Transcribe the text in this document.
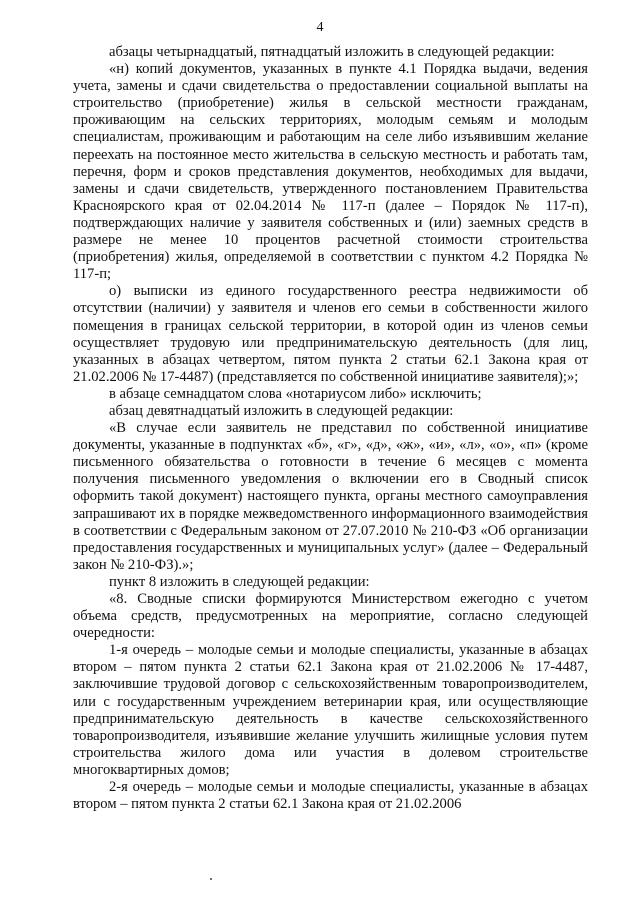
4

абзацы четырнадцатый, пятнадцатый изложить в следующей редакции:

«н) копий документов, указанных в пункте 4.1 Порядка выдачи, ведения учета, замены и сдачи свидетельства о предоставлении социальной выплаты на строительство (приобретение) жилья в сельской местности гражданам, проживающим на сельских территориях, молодым семьям и молодым специалистам, проживающим и работающим на селе либо изъявившим желание переехать на постоянное место жительства в сельскую местность и работать там, перечня, форм и сроков представления документов, необходимых для выдачи, замены и сдачи свидетельств, утвержденного постановлением Правительства Красноярского края от 02.04.2014 № 117-п (далее – Порядок № 117-п), подтверждающих наличие у заявителя собственных и (или) заемных средств в размере не менее 10 процентов расчетной стоимости строительства (приобретения) жилья, определяемой в соответствии с пунктом 4.2 Порядка № 117-п;

о) выписки из единого государственного реестра недвижимости об отсутствии (наличии) у заявителя и членов его семьи в собственности жилого помещения в границах сельской территории, в которой один из членов семьи осуществляет трудовую или предпринимательскую деятельность (для лиц, указанных в абзацах четвертом, пятом пункта 2 статьи 62.1 Закона края от 21.02.2006 № 17-4487) (представляется по собственной инициативе заявителя);»;

в абзаце семнадцатом слова «нотариусом либо» исключить;

абзац девятнадцатый изложить в следующей редакции:

«В случае если заявитель не представил по собственной инициативе документы, указанные в подпунктах «б», «г», «д», «ж», «и», «л», «о», «п» (кроме письменного обязательства о готовности в течение 6 месяцев с момента получения письменного уведомления о включении его в Сводный список оформить такой документ) настоящего пункта, органы местного самоуправления запрашивают их в порядке межведомственного информационного взаимодействия в соответствии с Федеральным законом от 27.07.2010 № 210-ФЗ «Об организации предоставления государственных и муниципальных услуг» (далее – Федеральный закон № 210-ФЗ).»;

пункт 8 изложить в следующей редакции:

«8. Сводные списки формируются Министерством ежегодно с учетом объема средств, предусмотренных на мероприятие, согласно следующей очередности:

1-я очередь – молодые семьи и молодые специалисты, указанные в абзацах втором – пятом пункта 2 статьи 62.1 Закона края от 21.02.2006 № 17-4487, заключившие трудовой договор с сельскохозяйственным товаропроизводителем, или с государственным учреждением ветеринарии края, или осуществляющие предпринимательскую деятельность в качестве сельскохозяйственного товаропроизводителя, изъявившие желание улучшить жилищные условия путем строительства жилого дома или участия в долевом строительстве многоквартирных домов;

2-я очередь – молодые семьи и молодые специалисты, указанные в абзацах втором – пятом пункта 2 статьи 62.1 Закона края от 21.02.2006
